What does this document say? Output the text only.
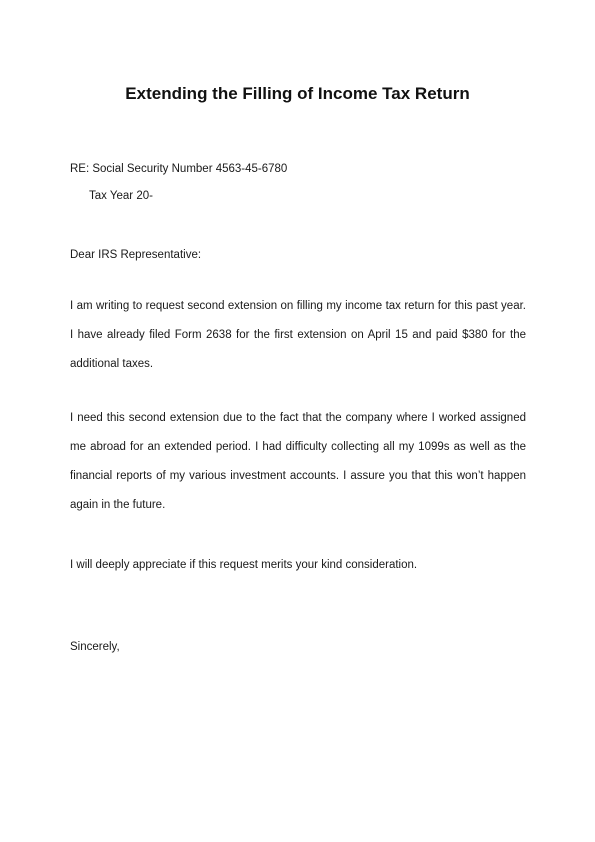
Extending the Filling of Income Tax Return

RE: Social Security Number 4563-45-6780

Tax Year 20-

Dear IRS Representative:

I am writing to request second extension on filling my income tax return for this past year. I have already filed Form 2638 for the first extension on April 15 and paid $380 for the additional taxes.

I need this second extension due to the fact that the company where I worked assigned me abroad for an extended period. I had difficulty collecting all my 1099s as well as the financial reports of my various investment accounts. I assure you that this won’t happen again in the future.

I will deeply appreciate if this request merits your kind consideration.

Sincerely,
